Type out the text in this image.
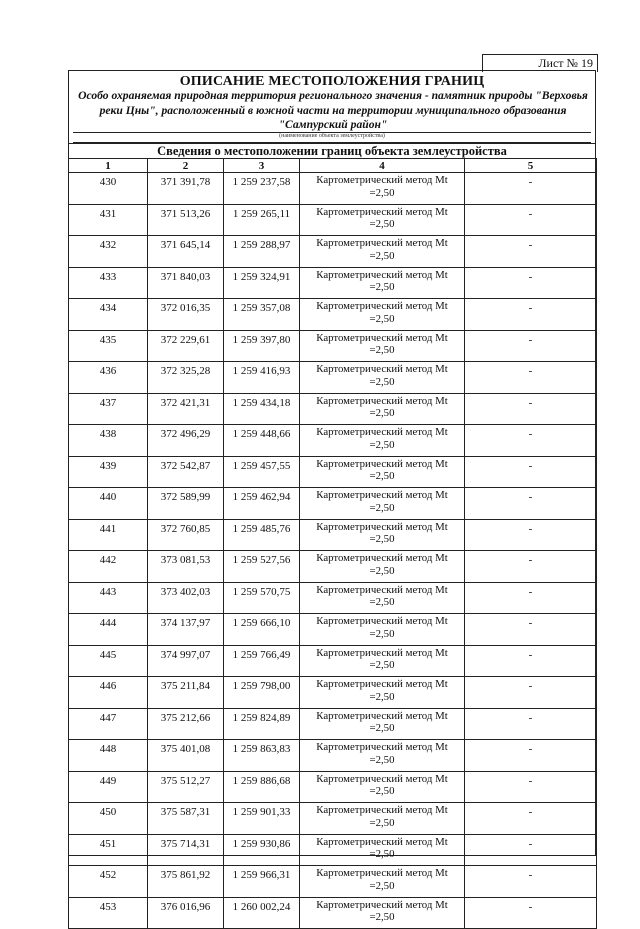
Лист № 19
ОПИСАНИЕ МЕСТОПОЛОЖЕНИЯ ГРАНИЦ
Особо охраняемая природная территория регионального значения - памятник природы "Верховья
реки Цны", расположенный в южной части на территории муниципального образования
"Сампурский район"
(наименование объекта землеустройства)
Сведения о местоположении границ объекта землеустройства
1	2	3	4	5
430	371 391,78	1 259 237,58	Картометрический метод Mt
=2,50	-
431	371 513,26	1 259 265,11	Картометрический метод Mt
=2,50	-
432	371 645,14	1 259 288,97	Картометрический метод Mt
=2,50	-
433	371 840,03	1 259 324,91	Картометрический метод Mt
=2,50	-
434	372 016,35	1 259 357,08	Картометрический метод Mt
=2,50	-
435	372 229,61	1 259 397,80	Картометрический метод Mt
=2,50	-
436	372 325,28	1 259 416,93	Картометрический метод Mt
=2,50	-
437	372 421,31	1 259 434,18	Картометрический метод Mt
=2,50	-
438	372 496,29	1 259 448,66	Картометрический метод Mt
=2,50	-
439	372 542,87	1 259 457,55	Картометрический метод Mt
=2,50	-
440	372 589,99	1 259 462,94	Картометрический метод Mt
=2,50	-
441	372 760,85	1 259 485,76	Картометрический метод Mt
=2,50	-
442	373 081,53	1 259 527,56	Картометрический метод Mt
=2,50	-
443	373 402,03	1 259 570,75	Картометрический метод Mt
=2,50	-
444	374 137,97	1 259 666,10	Картометрический метод Mt
=2,50	-
445	374 997,07	1 259 766,49	Картометрический метод Mt
=2,50	-
446	375 211,84	1 259 798,00	Картометрический метод Mt
=2,50	-
447	375 212,66	1 259 824,89	Картометрический метод Mt
=2,50	-
448	375 401,08	1 259 863,83	Картометрический метод Mt
=2,50	-
449	375 512,27	1 259 886,68	Картометрический метод Mt
=2,50	-
450	375 587,31	1 259 901,33	Картометрический метод Mt
=2,50	-
451	375 714,31	1 259 930,86	Картометрический метод Mt
=2,50	-
452	375 861,92	1 259 966,31	Картометрический метод Mt
=2,50	-
453	376 016,96	1 260 002,24	Картометрический метод Mt
=2,50	-
